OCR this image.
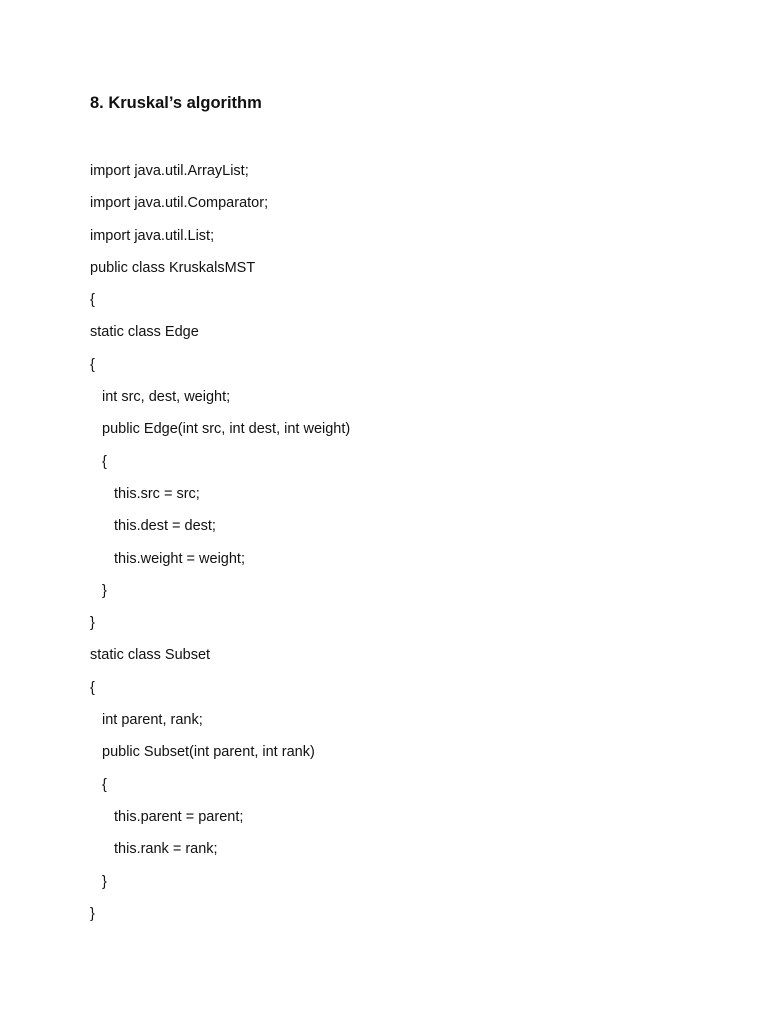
8. Kruskal’s algorithm
import java.util.ArrayList;
import java.util.Comparator;
import java.util.List;
public class KruskalsMST
{
static class Edge
{
int src, dest, weight;
public Edge(int src, int dest, int weight)
{
this.src = src;
this.dest = dest;
this.weight = weight;
}
}
static class Subset
{
int parent, rank;
public Subset(int parent, int rank)
{
this.parent = parent;
this.rank = rank;
}
}
